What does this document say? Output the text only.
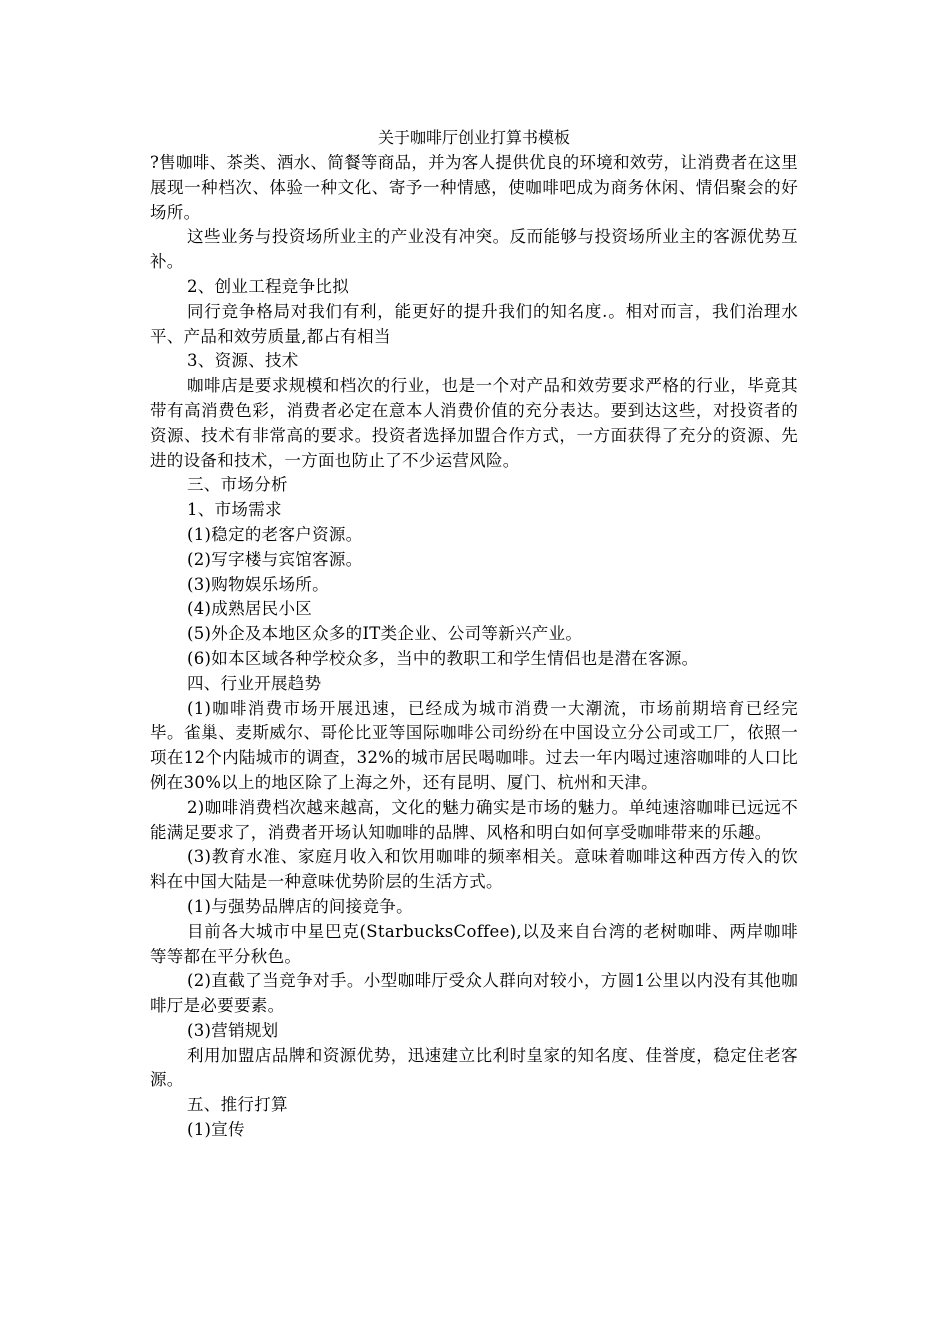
关于咖啡厅创业打算书模板

?售咖啡、茶类、酒水、简餐等商品，并为客人提供优良的环境和效劳，让消费者在这里展现一种档次、体验一种文化、寄予一种情感，使咖啡吧成为商务休闲、情侣聚会的好场所。

这些业务与投资场所业主的产业没有冲突。反而能够与投资场所业主的客源优势互补。

2、创业工程竞争比拟

同行竞争格局对我们有利，能更好的提升我们的知名度.。相对而言，我们治理水平、产品和效劳质量,都占有相当

3、资源、技术

咖啡店是要求规模和档次的行业，也是一个对产品和效劳要求严格的行业，毕竟其带有高消费色彩，消费者必定在意本人消费价值的充分表达。要到达这些，对投资者的资源、技术有非常高的要求。投资者选择加盟合作方式，一方面获得了充分的资源、先进的设备和技术，一方面也防止了不少运营风险。

三、市场分析

1、市场需求

(1)稳定的老客户资源。

(2)写字楼与宾馆客源。

(3)购物娱乐场所。

(4)成熟居民小区

(5)外企及本地区众多的IT类企业、公司等新兴产业。

(6)如本区域各种学校众多，当中的教职工和学生情侣也是潜在客源。

四、行业开展趋势

(1)咖啡消费市场开展迅速，已经成为城市消费一大潮流，市场前期培育已经完毕。雀巢、麦斯威尔、哥伦比亚等国际咖啡公司纷纷在中国设立分公司或工厂，依照一项在12个内陆城市的调查，32%的城市居民喝咖啡。过去一年内喝过速溶咖啡的人口比例在30%以上的地区除了上海之外，还有昆明、厦门、杭州和天津。

2)咖啡消费档次越来越高，文化的魅力确实是市场的魅力。单纯速溶咖啡已远远不能满足要求了，消费者开场认知咖啡的品牌、风格和明白如何享受咖啡带来的乐趣。

(3)教育水准、家庭月收入和饮用咖啡的频率相关。意味着咖啡这种西方传入的饮料在中国大陆是一种意味优势阶层的生活方式。

(1)与强势品牌店的间接竞争。

目前各大城市中星巴克(StarbucksCoffee),以及来自台湾的老树咖啡、两岸咖啡等等都在平分秋色。

(2)直截了当竞争对手。小型咖啡厅受众人群向对较小，方圆1公里以内没有其他咖啡厅是必要要素。

(3)营销规划

利用加盟店品牌和资源优势，迅速建立比利时皇家的知名度、佳誉度，稳定住老客源。

五、推行打算

(1)宣传
